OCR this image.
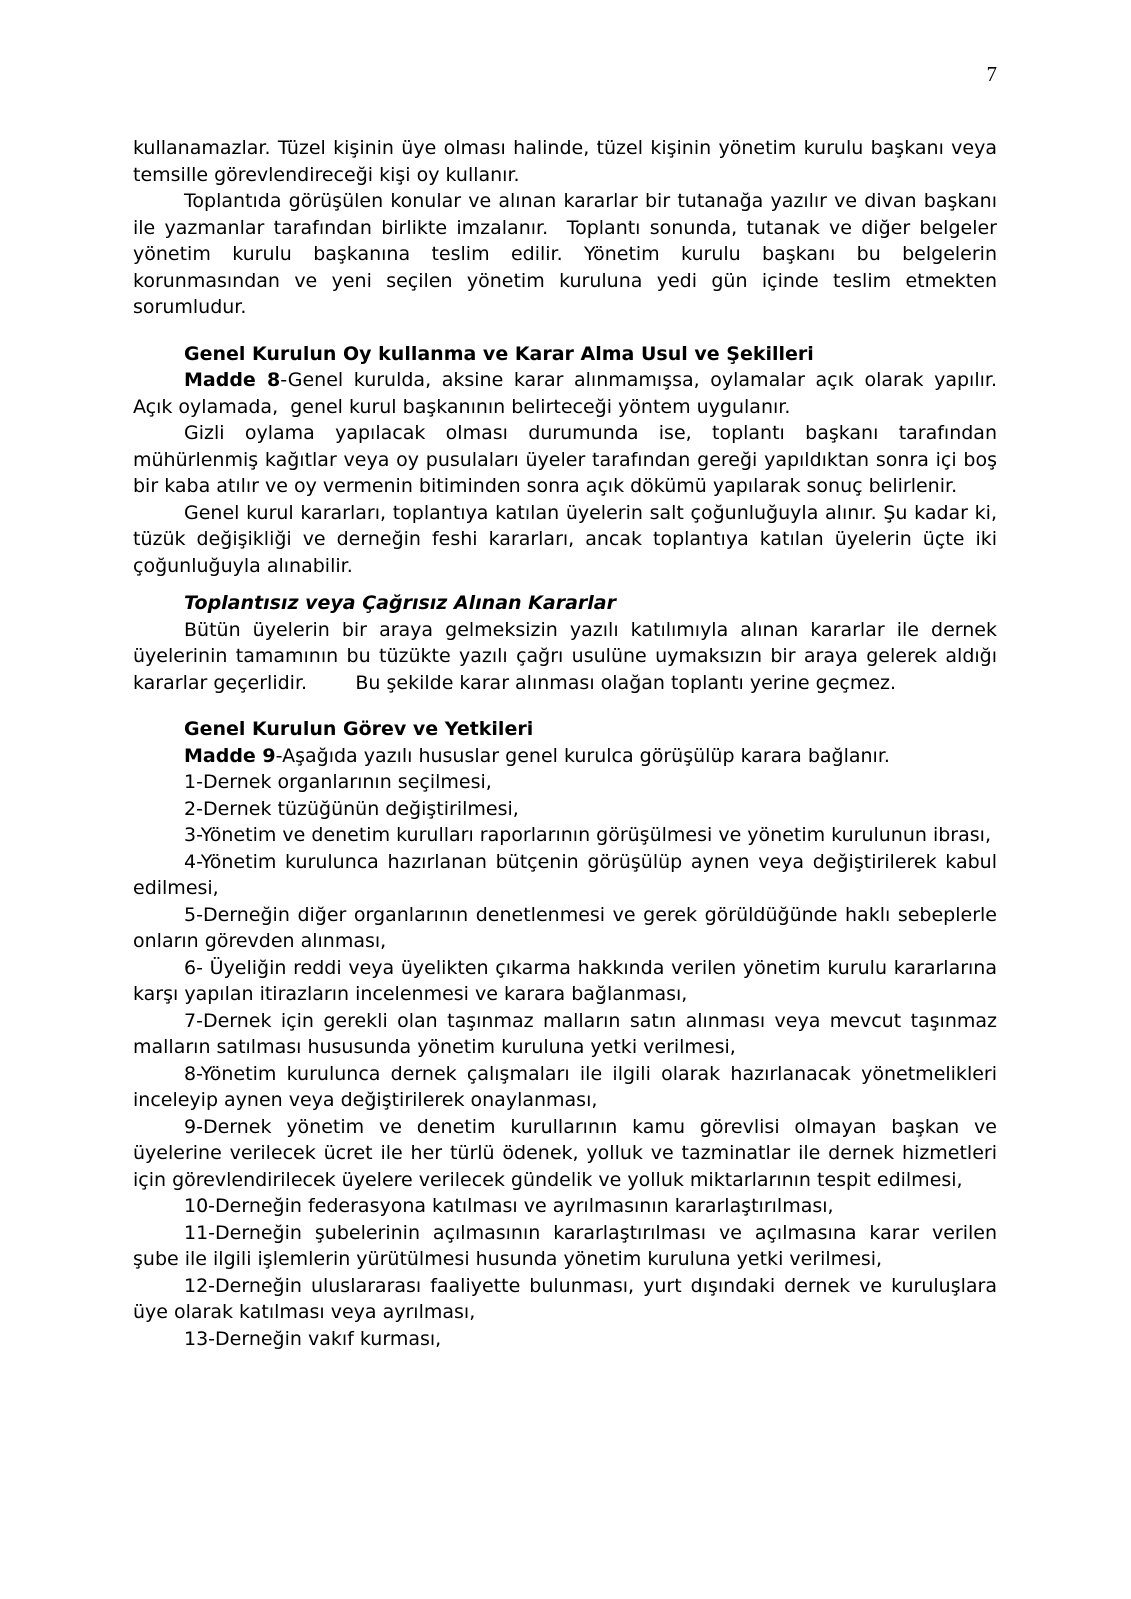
7

kullanamazlar. Tüzel kişinin üye olması halinde, tüzel kişinin yönetim kurulu başkanı veya temsille görevlendireceği kişi oy kullanır.

Toplantıda görüşülen konular ve alınan kararlar bir tutanağa yazılır ve divan başkanı ile yazmanlar tarafından birlikte imzalanır.  Toplantı sonunda, tutanak ve diğer belgeler yönetim kurulu başkanına teslim edilir. Yönetim kurulu başkanı bu belgelerin korunmasından ve yeni seçilen yönetim kuruluna yedi gün içinde teslim etmekten sorumludur.

Genel Kurulun Oy kullanma ve Karar Alma Usul ve Şekilleri

Madde 8-Genel kurulda, aksine karar alınmamışsa, oylamalar açık olarak yapılır. Açık oylamada,  genel kurul başkanının belirteceği yöntem uygulanır.

Gizli oylama yapılacak olması durumunda ise, toplantı başkanı tarafından mühürlenmiş kağıtlar veya oy pusulaları üyeler tarafından gereği yapıldıktan sonra içi boş bir kaba atılır ve oy vermenin bitiminden sonra açık dökümü yapılarak sonuç belirlenir.

Genel kurul kararları, toplantıya katılan üyelerin salt çoğunluğuyla alınır. Şu kadar ki, tüzük değişikliği ve derneğin feshi kararları, ancak toplantıya katılan üyelerin üçte iki çoğunluğuyla alınabilir.

Toplantısız veya Çağrısız Alınan Kararlar

Bütün üyelerin bir araya gelmeksizin yazılı katılımıyla alınan kararlar ile dernek üyelerinin tamamının bu tüzükte yazılı çağrı usulüne uymaksızın bir araya gelerek aldığı kararlar geçerlidir.        Bu şekilde karar alınması olağan toplantı yerine geçmez.

Genel Kurulun Görev ve Yetkileri

Madde 9-Aşağıda yazılı hususlar genel kurulca görüşülüp karara bağlanır.

1-Dernek organlarının seçilmesi,

2-Dernek tüzüğünün değiştirilmesi,

3-Yönetim ve denetim kurulları raporlarının görüşülmesi ve yönetim kurulunun ibrası,

4-Yönetim kurulunca hazırlanan bütçenin görüşülüp aynen veya değiştirilerek kabul edilmesi,

5-Derneğin diğer organlarının denetlenmesi ve gerek görüldüğünde haklı sebeplerle onların görevden alınması,

6- Üyeliğin reddi veya üyelikten çıkarma hakkında verilen yönetim kurulu kararlarına karşı yapılan itirazların incelenmesi ve karara bağlanması,

7-Dernek için gerekli olan taşınmaz malların satın alınması veya mevcut taşınmaz malların satılması hususunda yönetim kuruluna yetki verilmesi,

8-Yönetim kurulunca dernek çalışmaları ile ilgili olarak hazırlanacak yönetmelikleri inceleyip aynen veya değiştirilerek onaylanması,

9-Dernek yönetim ve denetim kurullarının kamu görevlisi olmayan başkan ve üyelerine verilecek ücret ile her türlü ödenek, yolluk ve tazminatlar ile dernek hizmetleri için görevlendirilecek üyelere verilecek gündelik ve yolluk miktarlarının tespit edilmesi,

10-Derneğin federasyona katılması ve ayrılmasının kararlaştırılması,

11-Derneğin şubelerinin açılmasının kararlaştırılması ve açılmasına karar verilen şube ile ilgili işlemlerin yürütülmesi husunda yönetim kuruluna yetki verilmesi,

12-Derneğin uluslararası faaliyette bulunması, yurt dışındaki dernek ve kuruluşlara üye olarak katılması veya ayrılması,

13-Derneğin vakıf kurması,
